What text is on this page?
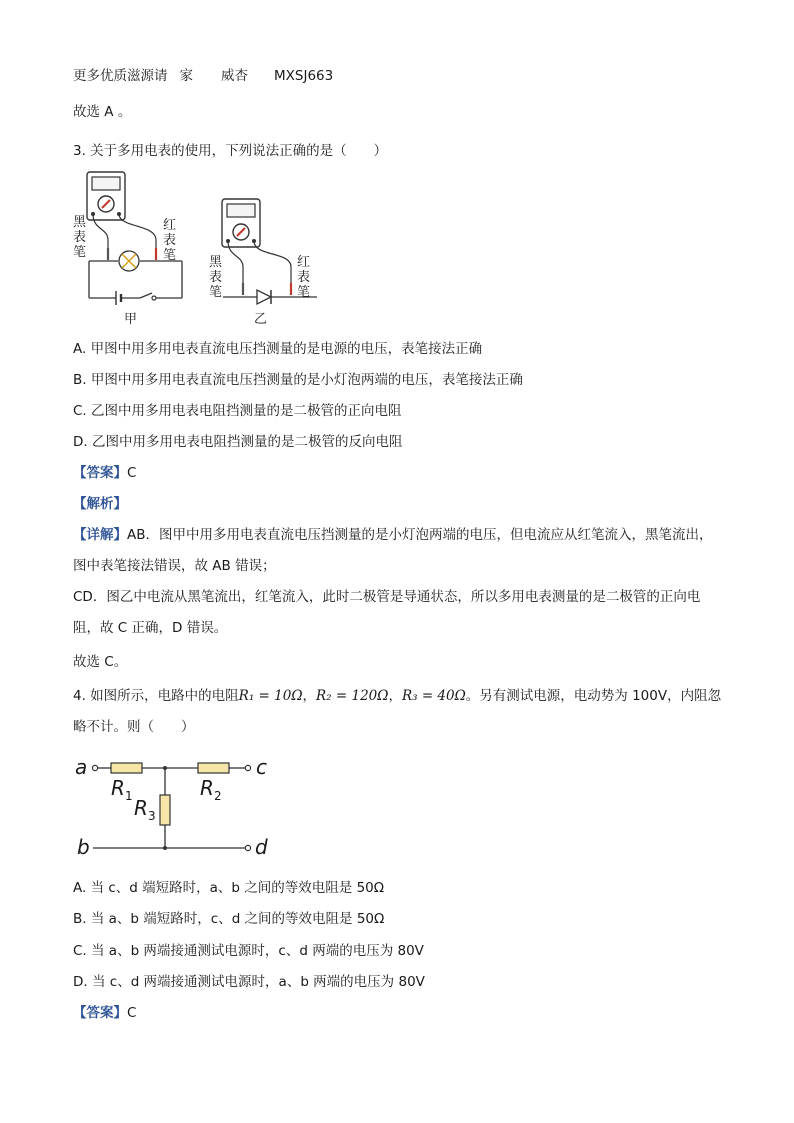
更多优质滋源请 家 威杏 MXSJ663
故选 A 。
3. 关于多用电表的使用，下列说法正确的是（　　）
黑表笔
红表笔
甲
黑表笔
红表笔
乙
A. 甲图中用多用电表直流电压挡测量的是电源的电压，表笔接法正确
B. 甲图中用多用电表直流电压挡测量的是小灯泡两端的电压，表笔接法正确
C. 乙图中用多用电表电阻挡测量的是二极管的正向电阻
D. 乙图中用多用电表电阻挡测量的是二极管的反向电阻
【答案】C
【解析】
【详解】AB．图甲中用多用电表直流电压挡测量的是小灯泡两端的电压，但电流应从红笔流入，黑笔流出，图中表笔接法错误，故 AB 错误；
CD．图乙中电流从黑笔流出，红笔流入，此时二极管是导通状态，所以多用电表测量的是二极管的正向电阻，故 C 正确，D 错误。
故选 C。
4. 如图所示，电路中的电阻R₁ = 10Ω，R₂ = 120Ω，R₃ = 40Ω。另有测试电源，电动势为 100V，内阻忽略不计。则（　　）
a
b
c
d
R	R
R
1	2
3
A. 当 c、d 端短路时，a、b 之间的等效电阻是 50Ω
B. 当 a、b 端短路时，c、d 之间的等效电阻是 50Ω
C. 当 a、b 两端接通测试电源时，c、d 两端的电压为 80V
D. 当 c、d 两端接通测试电源时，a、b 两端的电压为 80V
【答案】C
